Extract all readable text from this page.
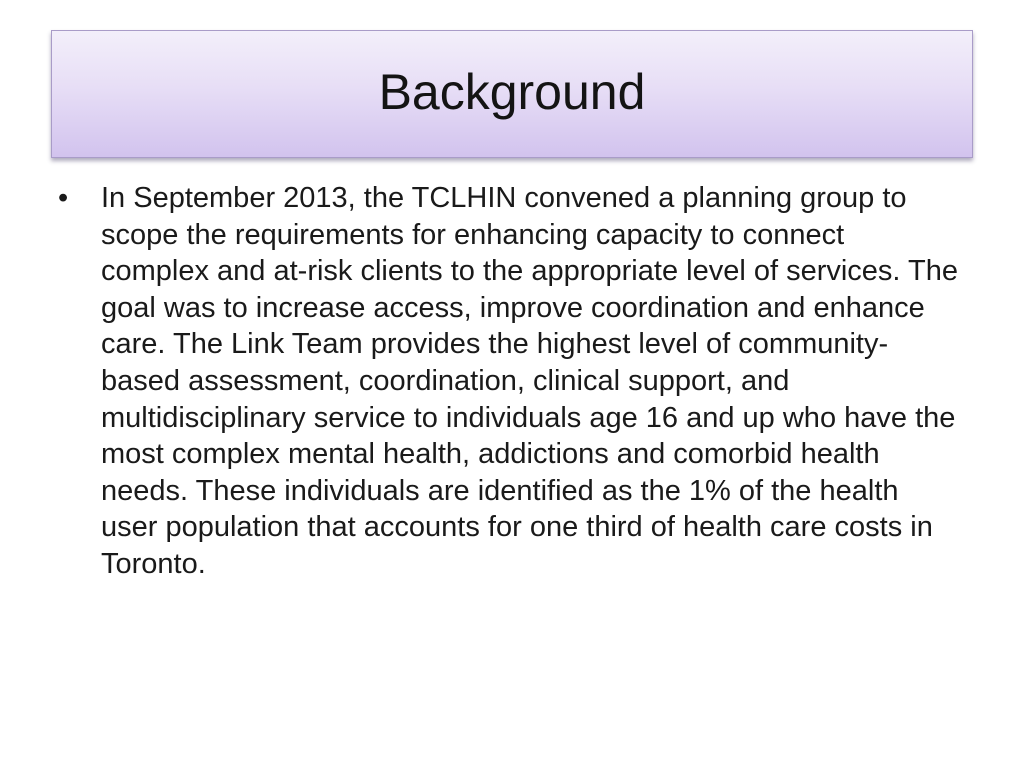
Background
• In September 2013, the TCLHIN convened a planning group to scope the requirements for enhancing capacity to connect complex and at-risk clients to the appropriate level of services. The goal was to increase access, improve coordination and enhance care. The Link Team provides the highest level of community-based assessment, coordination, clinical support, and multidisciplinary service to individuals age 16 and up who have the most complex mental health, addictions and comorbid health needs. These individuals are identified as the 1% of the health user population that accounts for one third of health care costs in Toronto.
